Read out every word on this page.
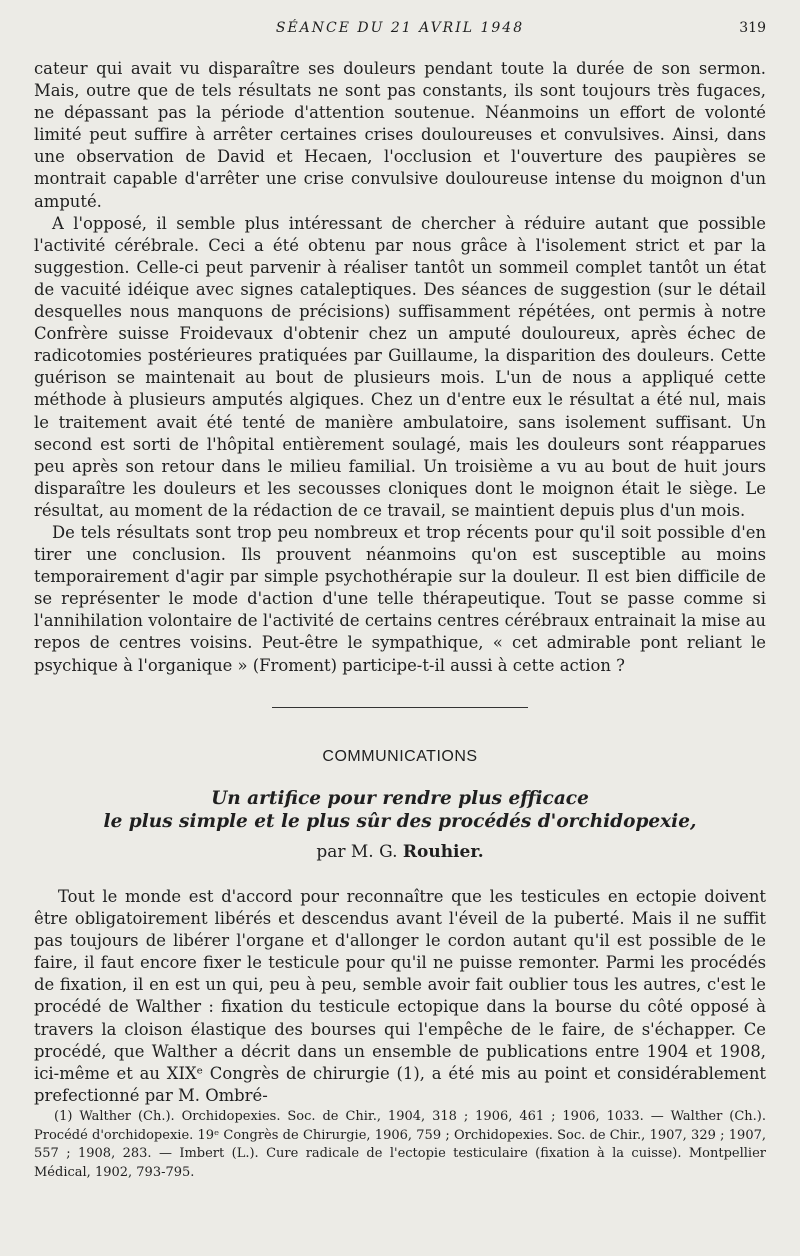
SÉANCE DU 21 AVRIL 1948	319

cateur qui avait vu disparaître ses douleurs pendant toute la durée de son sermon. Mais, outre que de tels résultats ne sont pas constants, ils sont toujours très fugaces, ne dépassant pas la période d'attention soutenue. Néanmoins un effort de volonté limité peut suffire à arrêter certaines crises douloureuses et convulsives. Ainsi, dans une observation de David et Hecaen, l'occlusion et l'ouverture des paupières se montrait capable d'arrêter une crise convulsive douloureuse intense du moignon d'un amputé.

A l'opposé, il semble plus intéressant de chercher à réduire autant que possible l'activité cérébrale. Ceci a été obtenu par nous grâce à l'isolement strict et par la suggestion. Celle-ci peut parvenir à réaliser tantôt un sommeil complet tantôt un état de vacuité idéique avec signes cataleptiques. Des séances de suggestion (sur le détail desquelles nous manquons de précisions) suffisamment répétées, ont permis à notre Confrère suisse Froidevaux d'obtenir chez un amputé douloureux, après échec de radicotomies postérieures pratiquées par Guillaume, la disparition des douleurs. Cette guérison se maintenait au bout de plusieurs mois. L'un de nous a appliqué cette méthode à plusieurs amputés algiques. Chez un d'entre eux le résultat a été nul, mais le traitement avait été tenté de manière ambulatoire, sans isolement suffisant. Un second est sorti de l'hôpital entièrement soulagé, mais les douleurs sont réapparues peu après son retour dans le milieu familial. Un troisième a vu au bout de huit jours disparaître les douleurs et les secousses cloniques dont le moignon était le siège. Le résultat, au moment de la rédaction de ce travail, se maintient depuis plus d'un mois.

De tels résultats sont trop peu nombreux et trop récents pour qu'il soit possible d'en tirer une conclusion. Ils prouvent néanmoins qu'on est susceptible au moins temporairement d'agir par simple psychothérapie sur la douleur. Il est bien difficile de se représenter le mode d'action d'une telle thérapeutique. Tout se passe comme si l'annihilation volontaire de l'activité de certains centres cérébraux entrainait la mise au repos de centres voisins. Peut-être le sympathique, « cet admirable pont reliant le psychique à l'organique » (Froment) participe-t-il aussi à cette action ?

COMMUNICATIONS
Un artifice pour rendre plus efficace
le plus simple et le plus sûr des procédés d'orchidopexie,
par M. G. Rouhier.

Tout le monde est d'accord pour reconnaître que les testicules en ectopie doivent être obligatoirement libérés et descendus avant l'éveil de la puberté. Mais il ne suffit pas toujours de libérer l'organe et d'allonger le cordon autant qu'il est possible de le faire, il faut encore fixer le testicule pour qu'il ne puisse remonter. Parmi les procédés de fixation, il en est un qui, peu à peu, semble avoir fait oublier tous les autres, c'est le procédé de Walther : fixation du testicule ectopique dans la bourse du côté opposé à travers la cloison élastique des bourses qui l'empêche de le faire, de s'échapper. Ce procédé, que Walther a décrit dans un ensemble de publications entre 1904 et 1908, ici-même et au XIXᵉ Congrès de chirurgie (1), a été mis au point et considérablement prefectionné par M. Ombré-

(1) Walther (Ch.). Orchidopexies. Soc. de Chir., 1904, 318 ; 1906, 461 ; 1906, 1033. — Walther (Ch.). Procédé d'orchidopexie. 19ᵉ Congrès de Chirurgie, 1906, 759 ; Orchidopexies. Soc. de Chir., 1907, 329 ; 1907, 557 ; 1908, 283. — Imbert (L.). Cure radicale de l'ectopie testiculaire (fixation à la cuisse). Montpellier Médical, 1902, 793-795.
